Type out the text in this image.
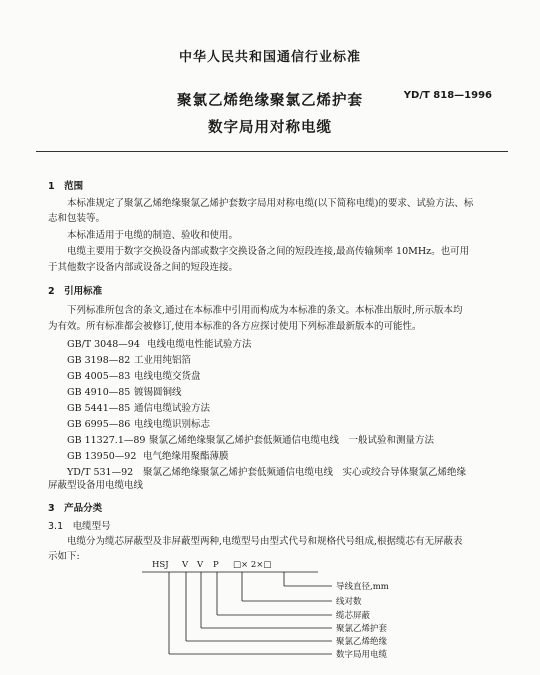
中华人民共和国通信行业标准
YD/T 818—1996
聚氯乙烯绝缘聚氯乙烯护套
数字局用对称电缆
1　范围
本标准规定了聚氯乙烯绝缘聚氯乙烯护套数字局用对称电缆(以下简称电缆)的要求、试验方法、标
志和包装等。
本标准适用于电缆的制造、验收和使用。
电缆主要用于数字交换设备内部或数字交换设备之间的短段连接,最高传输频率 10MHz。也可用
于其他数字设备内部或设备之间的短段连接。
2　引用标准
下列标准所包含的条文,通过在本标准中引用而构成为本标准的条文。本标准出版时,所示版本均
为有效。所有标准都会被修订,使用本标准的各方应探讨使用下列标准最新版本的可能性。
GB/T 3048—94 电线电缆电性能试验方法
GB 3198—82 工业用纯铝箔
GB 4005—83 电线电缆交货盘
GB 4910—85 镀锡圆铜线
GB 5441—85 通信电缆试验方法
GB 6995—86 电线电缆识别标志
GB 11327.1—89 聚氯乙烯绝缘聚氯乙烯护套低频通信电缆电线　一般试验和测量方法
GB 13950—92 电气绝缘用聚酯薄膜
YD/T 531—92 聚氯乙烯绝缘聚氯乙烯护套低频通信电缆电线　实心或绞合导体聚氯乙烯绝缘
屏蔽型设备用电缆电线
3　产品分类
3.1　电缆型号
电缆分为缆芯屏蔽型及非屏蔽型两种,电缆型号由型式代号和规格代号组成,根据缆芯有无屏蔽表
示如下:
HSJ V V P □× 2×□
导线直径,mm
线对数
缆芯屏蔽
聚氯乙烯护套
聚氯乙烯绝缘
数字局用电缆
